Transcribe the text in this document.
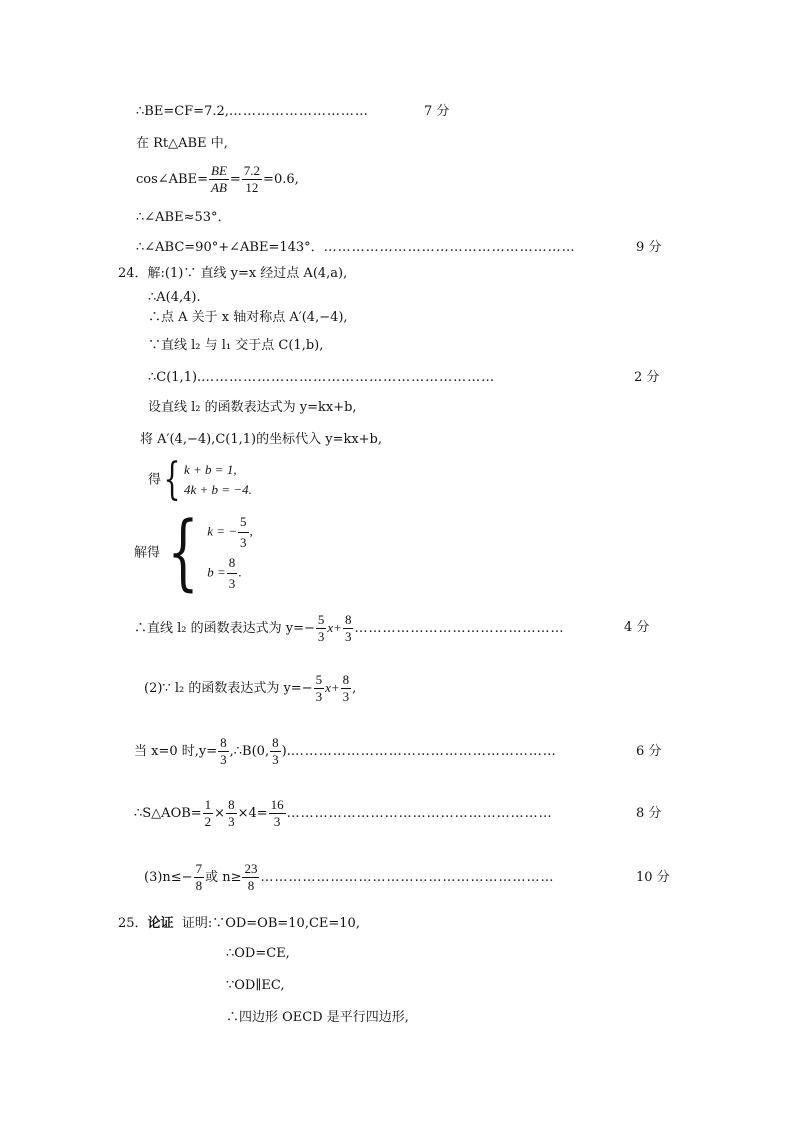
∴BE=CF=7.2,…………………………	7 分
在 Rt△ABE 中,
cos∠ABE= $\frac{BE}{AB} = \frac{7.2}{12} =0.6$,
∴∠ABE≈53°．
∴∠ABC=90°+∠ABE=143°．………………………………………………	9 分
24．解:(1)∵ 直线 y=x 经过点 A(4,a),
∴A(4,4).
∴点 A 关于 x 轴对称点 A′(4,−4),
∵直线 l₂ 与 l₁ 交于点 C(1,b),
∴C(1,1).………………………………………………………	2 分
设直线 l₂ 的函数表达式为 y=kx+b,
将 A′(4,−4),C(1,1)的坐标代入 y=kx+b,
得{ k + b = 1,
4k + b = −4.
解得{ k = − $\frac{5}{3}$ ,
$b = \frac{8}{3}$ .
∴直线 l₂ 的函数表达式为 $y=- \frac{5}{3} x+ \frac{8}{3}$ ………………………………………	4 分
(2)∵ l₂ 的函数表达式为 $y=- \frac{5}{3} x+ \frac{8}{3}$ ,
当 x=0 时$,y= \frac{8}{3}$ ,∴B(0, $\frac{8}{3}$ ).…………………………………………………	6 分
∴S△AOB= $\frac{1}{2} \times \frac{8}{3} \times 4= \frac{16}{3}$ …………………………………………………	8 分
$(3)n\le- \frac{7}{8}$ 或 $n\ge \frac{23}{8}$ ………………………………………………………	10 分
25．论证 证明:∵OD=OB=10,CE=10,
∴OD=CE,
∵OD∥EC,
∴四边形 OECD 是平行四边形,
